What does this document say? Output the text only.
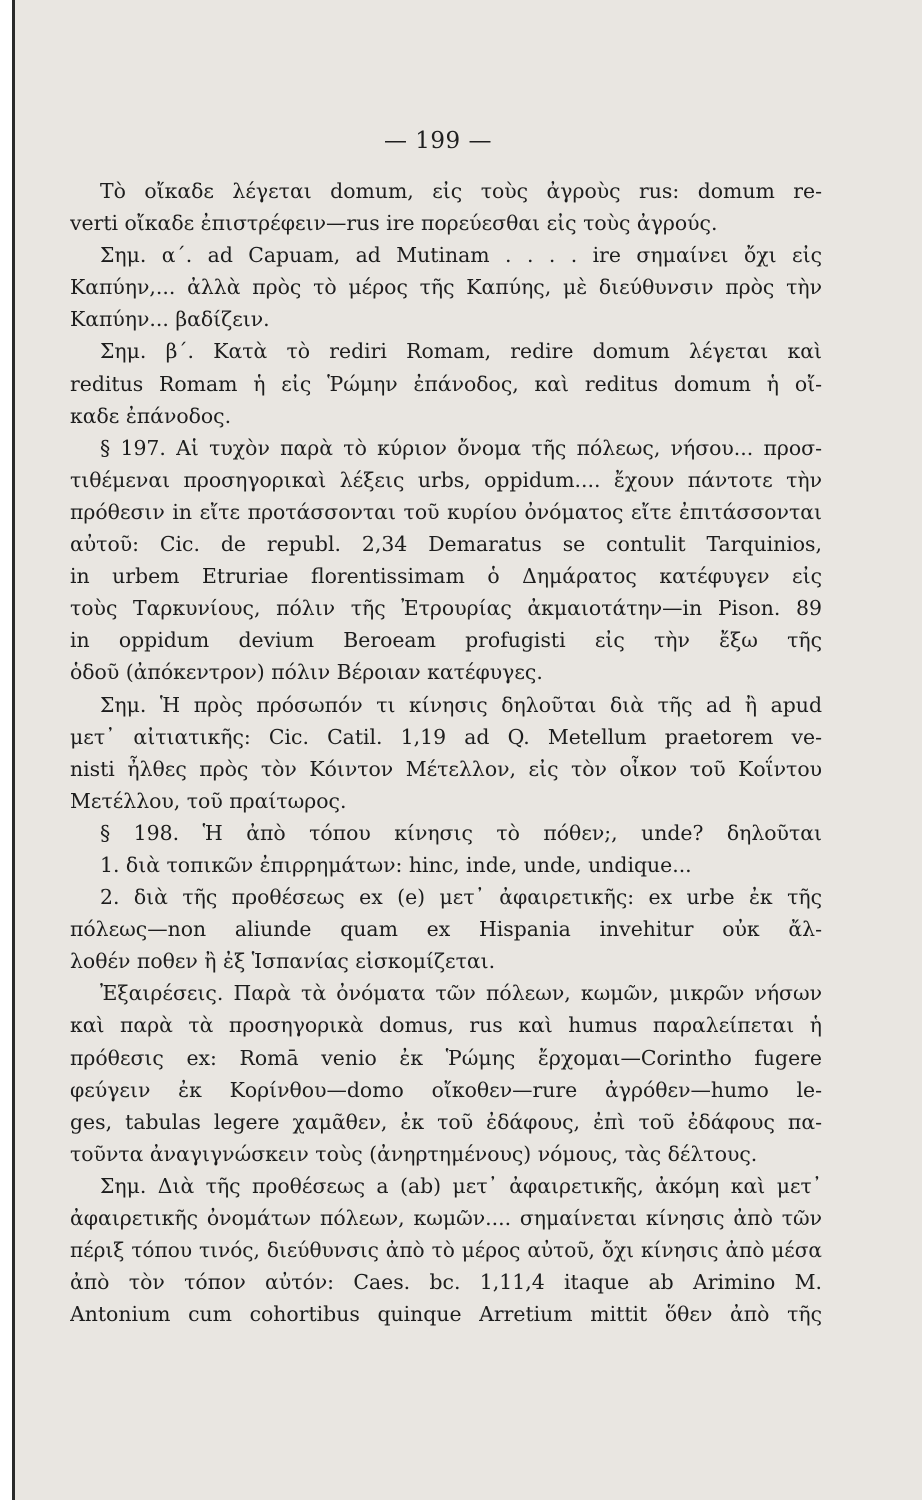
— 199 —
Τὸ οἴκαδε λέγεται domum, εἰς τοὺς ἀγροὺς rus: domum re-
verti οἴκαδε ἐπιστρέφειν—rus ire πορεύεσθαι εἰς τοὺς ἀγρούς.
Σημ. α΄. ad Capuam, ad Mutinam . . . . ire σημαίνει ὄχι εἰς
Καπύην,... ἀλλὰ πρὸς τὸ μέρος τῆς Καπύης, μὲ διεύθυνσιν πρὸς τὴν
Καπύην... βαδίζειν.
Σημ. β΄. Κατὰ τὸ rediri Romam, redire domum λέγεται καὶ
reditus Romam ἡ εἰς Ῥώμην ἐπάνοδος, καὶ reditus domum ἡ οἴ-
καδε ἐπάνοδος.
§ 197. Αἱ τυχὸν παρὰ τὸ κύριον ὄνομα τῆς πόλεως, νήσου... προσ-
τιθέμεναι προσηγορικαὶ λέξεις urbs, oppidum.... ἔχουν πάντοτε τὴν
πρόθεσιν in εἴτε προτάσσονται τοῦ κυρίου ὀνόματος εἴτε ἐπιτάσσονται
αὐτοῦ: Cic. de republ. 2,34 Demaratus se contulit Tarquinios,
in urbem Etruriae florentissimam ὁ Δημάρατος κατέφυγεν εἰς
τοὺς Ταρκυνίους, πόλιν τῆς Ἐτρουρίας ἀκμαιοτάτην—in Pison. 89
in oppidum devium Beroeam profugisti εἰς τὴν ἔξω τῆς
ὁδοῦ (ἀπόκεντρον) πόλιν Βέροιαν κατέφυγες.
Σημ. Ἡ πρὸς πρόσωπόν τι κίνησις δηλοῦται διὰ τῆς ad ἢ apud
μετ᾽ αἰτιατικῆς: Cic. Catil. 1,19 ad Q. Metellum praetorem ve-
nisti ἦλθες πρὸς τὸν Κόιντον Μέτελλον, εἰς τὸν οἶκον τοῦ Κοΐντου
Μετέλλου, τοῦ πραίτωρος.
§ 198. Ἡ ἀπὸ τόπου κίνησις τὸ πόθεν;, unde? δηλοῦται
1. διὰ τοπικῶν ἐπιρρημάτων: hinc, inde, unde, undique...
2. διὰ τῆς προθέσεως ex (e) μετ᾽ ἀφαιρετικῆς: ex urbe ἐκ τῆς
πόλεως—non aliunde quam ex Hispania invehitur οὐκ ἄλ-
λοθέν ποθεν ἢ ἐξ Ἱσπανίας εἰσκομίζεται.
Ἐξαιρέσεις. Παρὰ τὰ ὀνόματα τῶν πόλεων, κωμῶν, μικρῶν νήσων
καὶ παρὰ τὰ προσηγορικὰ domus, rus καὶ humus παραλείπεται ἡ
πρόθεσις ex: Romā venio ἐκ Ῥώμης ἔρχομαι—Corintho fugere
φεύγειν ἐκ Κορίνθου—domo οἴκοθεν—rure ἀγρόθεν—humo le-
ges, tabulas legere χαμᾶθεν, ἐκ τοῦ ἐδάφους, ἐπὶ τοῦ ἐδάφους πα-
τοῦντα ἀναγιγνώσκειν τοὺς (ἀνηρτημένους) νόμους, τὰς δέλτους.
Σημ. Διὰ τῆς προθέσεως a (ab) μετ᾽ ἀφαιρετικῆς, ἀκόμη καὶ μετ᾽
ἀφαιρετικῆς ὀνομάτων πόλεων, κωμῶν.... σημαίνεται κίνησις ἀπὸ τῶν
πέριξ τόπου τινός, διεύθυνσις ἀπὸ τὸ μέρος αὐτοῦ, ὄχι κίνησις ἀπὸ μέσα
ἀπὸ τὸν τόπον αὐτόν: Caes. bc. 1,11,4 itaque ab Arimino M.
Antonium cum cohortibus quinque Arretium mittit ὅθεν ἀπὸ τῆς
